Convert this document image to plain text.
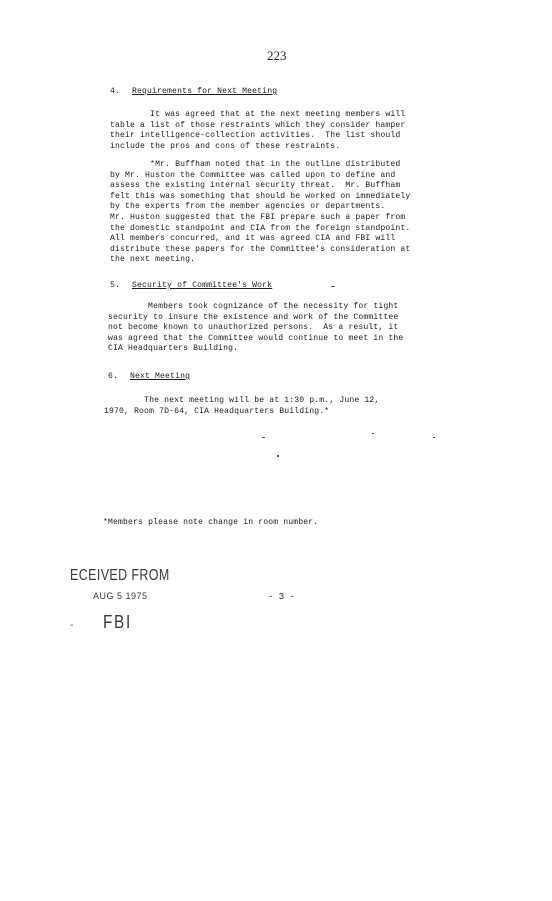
223
4. Requirements for Next Meeting
It was agreed that at the next meeting members will
table a list of those restraints which they consider hamper
their intelligence-collection activities.  The list should
include the pros and cons of these restraints.
*Mr. Buffham noted that in the outline distributed
by Mr. Huston the Committee was called upon to define and
assess the existing internal security threat.  Mr. Buffham
felt this was something that should be worked on immediately
by the experts from the member agencies or departments.
Mr. Huston suggested that the FBI prepare such a paper from
the domestic standpoint and CIA from the foreign standpoint.
All members concurred, and it was agreed CIA and FBI will
distribute these papers for the Committee's consideration at
the next meeting.
5. Security of Committee's Work
Members took cognizance of the necessity for tight
security to insure the existence and work of the Committee
not become known to unauthorized persons.  As a result, it
was agreed that the Committee would continue to meet in the
CIA Headquarters Building.
6. Next Meeting
The next meeting will be at 1:30 p.m., June 12,
1970, Room 7D-64, CIA Headquarters Building.*
*Members please note change in room number.
ECEIVED FROM
AUG 5 1975
- FBI
- 3 -
